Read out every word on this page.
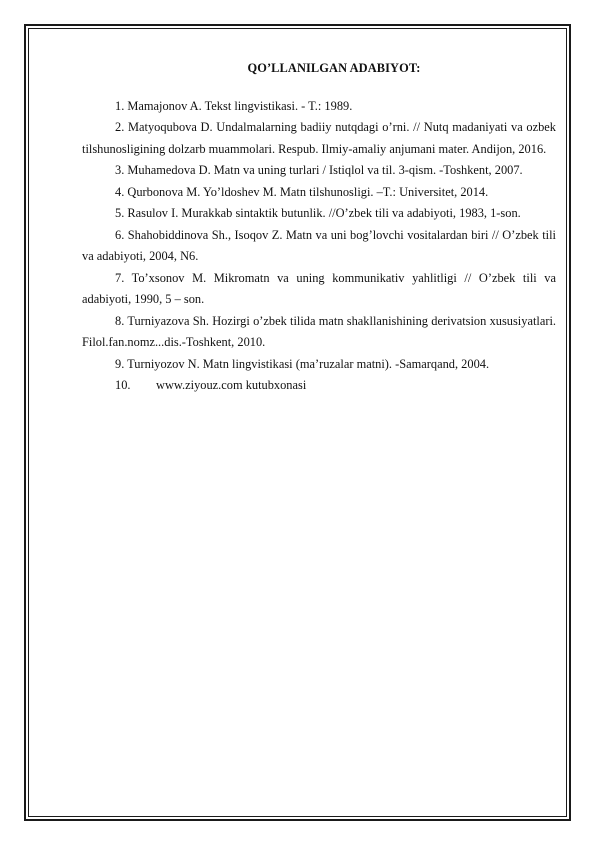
QO’LLANILGAN ADABIYOT:

1. Mamajonov A. Tekst lingvistikasi. - T.: 1989.

2. Matyoqubova D. Undalmalarning badiiy nutqdagi o’rni. // Nutq madaniyati va ozbek tilshunosligining dolzarb muammolari. Respub. Ilmiy-amaliy anjumani mater. Andijon, 2016.

3. Muhamedova D. Matn va uning turlari / Istiqlol va til. 3-qism. -Toshkent, 2007.

4. Qurbonova M. Yo’ldoshev M. Matn tilshunosligi. –T.: Universitet, 2014.

5. Rasulov I. Murakkab sintaktik butunlik. //O’zbek tili va adabiyoti, 1983, 1-son.

6. Shahobiddinova Sh., Isoqov Z. Matn va uni bog’lovchi vositalardan biri // O’zbek tili va adabiyoti, 2004, N6.

7. To’xsonov M. Mikromatn va uning kommunikativ yahlitligi // O’zbek tili va adabiyoti, 1990, 5 – son.

8. Turniyazova Sh. Hozirgi o’zbek tilida matn shakllanishining derivatsion xususiyatlari. Filol.fan.nomz...dis.-Toshkent, 2010.

9. Turniyozov N. Matn lingvistikasi (ma’ruzalar matni). -Samarqand, 2004.

10. www.ziyouz.com kutubxonasi
